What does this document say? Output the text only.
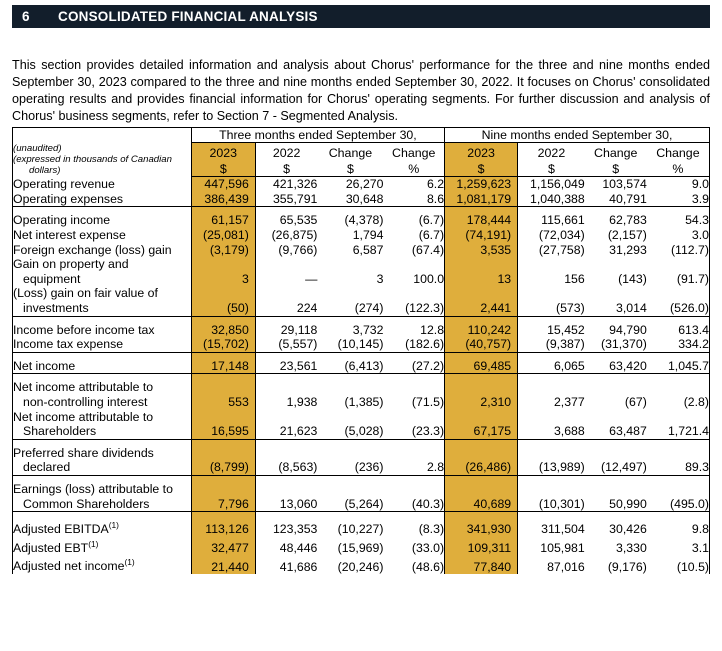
6	CONSOLIDATED FINANCIAL ANALYSIS

This section provides detailed information and analysis about Chorus' performance for the three and nine months ended September 30, 2023 compared to the three and nine months ended September 30, 2022. It focuses on Chorus' consolidated operating results and provides financial information for Chorus' operating segments. For further discussion and analysis of Chorus' business segments, refer to Section 7 - Segmented Analysis.

	Three months ended September 30,				Nine months ended September 30,			
(unaudited)
(expressed in thousands of Canadian
dollars)	2023	2022	Change	Change	2023	2022	Change	Change
	$	$	$	%	$	$	$	%
Operating revenue	447,596	421,326	26,270	6.2	1,259,623	1,156,049	103,574	9.0
Operating expenses	386,439	355,791	30,648	8.6	1,081,179	1,040,388	40,791	3.9

Operating income	61,157	65,535	(4,378)	(6.7)	178,444	115,661	62,783	54.3
Net interest expense	(25,081)	(26,875)	1,794	(6.7)	(74,191)	(72,034)	(2,157)	3.0
Foreign exchange (loss) gain	(3,179)	(9,766)	6,587	(67.4)	3,535	(27,758)	31,293	(112.7)
Gain on property and
equipment	3	—	3	100.0	13	156	(143)	(91.7)
(Loss) gain on fair value of
investments	(50)	224	(274)	(122.3)	2,441	(573)	3,014	(526.0)

Income before income tax	32,850	29,118	3,732	12.8	110,242	15,452	94,790	613.4
Income tax expense	(15,702)	(5,557)	(10,145)	(182.6)	(40,757)	(9,387)	(31,370)	334.2

Net income	17,148	23,561	(6,413)	(27.2)	69,485	6,065	63,420	1,045.7

Net income attributable to
non-controlling interest	553	1,938	(1,385)	(71.5)	2,310	2,377	(67)	(2.8)
Net income attributable to
Shareholders	16,595	21,623	(5,028)	(23.3)	67,175	3,688	63,487	1,721.4

Preferred share dividends
declared	(8,799)	(8,563)	(236)	2.8	(26,486)	(13,989)	(12,497)	89.3

Earnings (loss) attributable to
Common Shareholders	7,796	13,060	(5,264)	(40.3)	40,689	(10,301)	50,990	(495.0)

Adjusted EBITDA$^{(1)}$	113,126	123,353	(10,227)	(8.3)	341,930	311,504	30,426	9.8
Adjusted EBT$^{(1)}$	32,477	48,446	(15,969)	(33.0)	109,311	105,981	3,330	3.1
Adjusted net income$^{(1)}$	21,440	41,686	(20,246)	(48.6)	77,840	87,016	(9,176)	(10.5)
